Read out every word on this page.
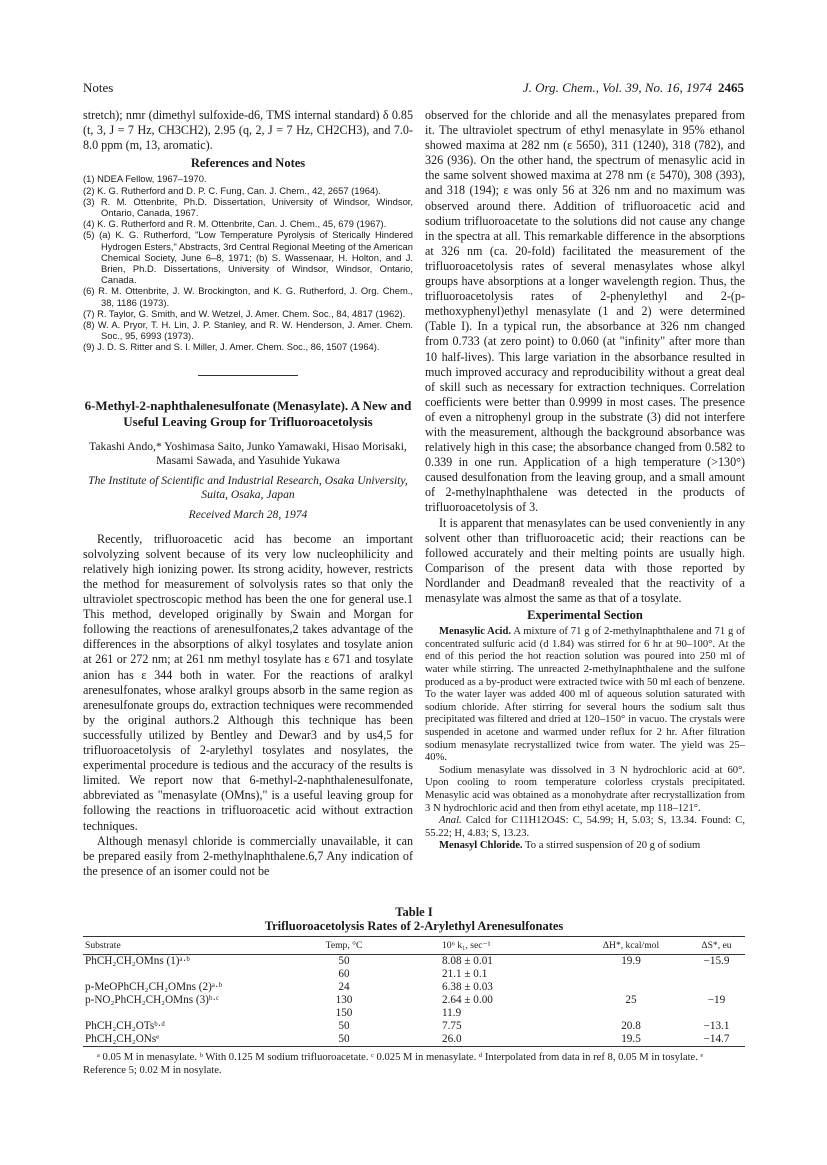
Notes	J. Org. Chem., Vol. 39, No. 16, 1974 2465

stretch); nmr (dimethyl sulfoxide-d6, TMS internal standard) δ 0.85 (t, 3, J = 7 Hz, CH3CH2), 2.95 (q, 2, J = 7 Hz, CH2CH3), and 7.0-8.0 ppm (m, 13, aromatic).

References and Notes
(1) NDEA Fellow, 1967–1970.
(2) K. G. Rutherford and D. P. C. Fung, Can. J. Chem., 42, 2657 (1964).
(3) R. M. Ottenbrite, Ph.D. Dissertation, University of Windsor, Windsor, Ontario, Canada, 1967.
(4) K. G. Rutherford and R. M. Ottenbrite, Can. J. Chem., 45, 679 (1967).
(5) (a) K. G. Rutherford, "Low Temperature Pyrolysis of Sterically Hindered Hydrogen Esters," Abstracts, 3rd Central Regional Meeting of the American Chemical Society, June 6–8, 1971; (b) S. Wassenaar, H. Holton, and J. Brien, Ph.D. Dissertations, University of Windsor, Windsor, Ontario, Canada.
(6) R. M. Ottenbrite, J. W. Brockington, and K. G. Rutherford, J. Org. Chem., 38, 1186 (1973).
(7) R. Taylor, G. Smith, and W. Wetzel, J. Amer. Chem. Soc., 84, 4817 (1962).
(8) W. A. Pryor, T. H. Lin, J. P. Stanley, and R. W. Henderson, J. Amer. Chem. Soc., 95, 6993 (1973).
(9) J. D. S. Ritter and S. I. Miller, J. Amer. Chem. Soc., 86, 1507 (1964).
6-Methyl-2-naphthalenesulfonate (Menasylate). A New and Useful Leaving Group for Trifluoroacetolysis
Takashi Ando,* Yoshimasa Saito, Junko Yamawaki, Hisao Morisaki, Masami Sawada, and Yasuhide Yukawa
The Institute of Scientific and Industrial Research, Osaka University, Suita, Osaka, Japan
Received March 28, 1974

Recently, trifluoroacetic acid has become an important solvolyzing solvent because of its very low nucleophilicity and relatively high ionizing power. Its strong acidity, however, restricts the method for measurement of solvolysis rates so that only the ultraviolet spectroscopic method has been the one for general use.1 This method, developed originally by Swain and Morgan for following the reactions of arenesulfonates,2 takes advantage of the differences in the absorptions of alkyl tosylates and tosylate anion at 261 or 272 nm; at 261 nm methyl tosylate has ε 671 and tosylate anion has ε 344 both in water. For the reactions of aralkyl arenesulfonates, whose aralkyl groups absorb in the same region as arenesulfonate groups do, extraction techniques were recommended by the original authors.2 Although this technique has been successfully utilized by Bentley and Dewar3 and by us4,5 for trifluoroacetolysis of 2-arylethyl tosylates and nosylates, the experimental procedure is tedious and the accuracy of the results is limited. We report now that 6-methyl-2-naphthalenesulfonate, abbreviated as "menasylate (OMns)," is a useful leaving group for following the reactions in trifluoroacetic acid without extraction techniques.

Although menasyl chloride is commercially unavailable, it can be prepared easily from 2-methylnaphthalene.6,7 Any indication of the presence of an isomer could not be

observed for the chloride and all the menasylates prepared from it. The ultraviolet spectrum of ethyl menasylate in 95% ethanol showed maxima at 282 nm (ε 5650), 311 (1240), 318 (782), and 326 (936). On the other hand, the spectrum of menasylic acid in the same solvent showed maxima at 278 nm (ε 5470), 308 (393), and 318 (194); ε was only 56 at 326 nm and no maximum was observed around there. Addition of trifluoroacetic acid and sodium trifluoroacetate to the solutions did not cause any change in the spectra at all. This remarkable difference in the absorptions at 326 nm (ca. 20-fold) facilitated the measurement of the trifluoroacetolysis rates of several menasylates whose alkyl groups have absorptions at a longer wavelength region. Thus, the trifluoroacetolysis rates of 2-phenylethyl and 2-(p-methoxyphenyl)ethyl menasylate (1 and 2) were determined (Table I). In a typical run, the absorbance at 326 nm changed from 0.733 (at zero point) to 0.060 (at "infinity" after more than 10 half-lives). This large variation in the absorbance resulted in much improved accuracy and reproducibility without a great deal of skill such as necessary for extraction techniques. Correlation coefficients were better than 0.9999 in most cases. The presence of even a nitrophenyl group in the substrate (3) did not interfere with the measurement, although the background absorbance was relatively high in this case; the absorbance changed from 0.582 to 0.339 in one run. Application of a high temperature (>130°) caused desulfonation from the leaving group, and a small amount of 2-methylnaphthalene was detected in the products of trifluoroacetolysis of 3.

It is apparent that menasylates can be used conveniently in any solvent other than trifluoroacetic acid; their reactions can be followed accurately and their melting points are usually high. Comparison of the present data with those reported by Nordlander and Deadman8 revealed that the reactivity of a menasylate was almost the same as that of a tosylate.

Experimental Section

Menasylic Acid. A mixture of 71 g of 2-methylnaphthalene and 71 g of concentrated sulfuric acid (d 1.84) was stirred for 6 hr at 90–100°. At the end of this period the hot reaction solution was poured into 250 ml of water while stirring. The unreacted 2-methylnaphthalene and the sulfone produced as a by-product were extracted twice with 50 ml each of benzene. To the water layer was added 400 ml of aqueous solution saturated with sodium chloride. After stirring for several hours the sodium salt thus precipitated was filtered and dried at 120–150° in vacuo. The crystals were suspended in acetone and warmed under reflux for 2 hr. After filtration sodium menasylate recrystallized twice from water. The yield was 25–40%.

Sodium menasylate was dissolved in 3 N hydrochloric acid at 60°. Upon cooling to room temperature colorless crystals precipitated. Menasylic acid was obtained as a monohydrate after recrystallization from 3 N hydrochloric acid and then from ethyl acetate, mp 118–121°.

Anal. Calcd for C11H12O4S: C, 54.99; H, 5.03; S, 13.34. Found: C, 55.22; H, 4.83; S, 13.23.

Menasyl Chloride. To a stirred suspension of 20 g of sodium

Table I
Trifluoroacetolysis Rates of 2-Arylethyl Arenesulfonates
Substrate	Temp, °C	10⁶ k₁, sec⁻¹	ΔH*, kcal/mol	ΔS*, eu
PhCH₂CH₂OMns (1)ᵃ·ᵇ	50	8.08 ± 0.01	19.9	−15.9
	60	21.1 ± 0.1		
p-MeOPhCH₂CH₂OMns (2)ᵃ·ᵇ	24	6.38 ± 0.03		
p-NO₂PhCH₂CH₂OMns (3)ᵇ·ᶜ	130	2.64 ± 0.00	25	−19
	150	11.9		
PhCH₂CH₂OTsᵇ·ᵈ	50	7.75	20.8	−13.1
PhCH₂CH₂ONsᵉ	50	26.0	19.5	−14.7

ᵃ 0.05 M in menasylate. ᵇ With 0.125 M sodium trifluoroacetate. ᶜ 0.025 M in menasylate. ᵈ Interpolated from data in ref 8, 0.05 M in tosylate. ᵉ Reference 5; 0.02 M in nosylate.
